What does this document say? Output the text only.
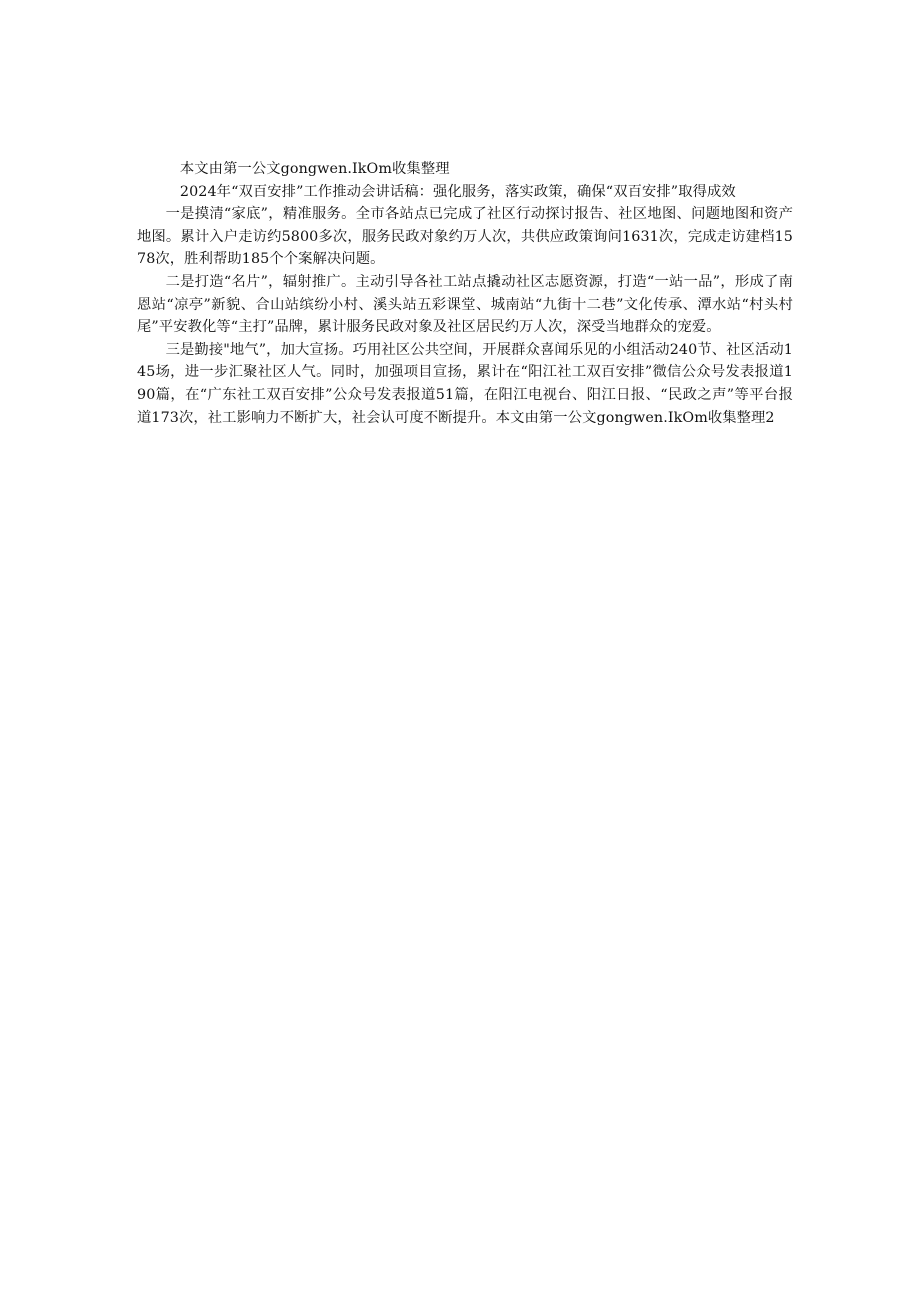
本文由第一公文gongwen.IkOm收集整理

2024年“双百安排”工作推动会讲话稿：强化服务，落实政策，确保“双百安排”取得成效

一是摸清“家底”，精准服务。全市各站点已完成了社区行动探讨报告、社区地图、问题地图和资产地图。累计入户走访约5800多次，服务民政对象约万人次，共供应政策询问1631次，完成走访建档1578次，胜利帮助185个个案解决问题。

二是打造“名片”，辐射推广。主动引导各社工站点撬动社区志愿资源，打造“一站一品”，形成了南恩站“凉亭”新貌、合山站缤纷小村、溪头站五彩课堂、城南站“九街十二巷”文化传承、潭水站“村头村尾”平安教化等“主打”品牌，累计服务民政对象及社区居民约万人次，深受当地群众的宠爱。

三是勤接"地气”，加大宣扬。巧用社区公共空间，开展群众喜闻乐见的小组活动240节、社区活动145场，进一步汇聚社区人气。同时，加强项目宣扬，累计在“阳江社工双百安排”微信公众号发表报道190篇，在“广东社工双百安排”公众号发表报道51篇，在阳江电视台、阳江日报、“民政之声”等平台报道173次，社工影响力不断扩大，社会认可度不断提升。本文由第一公文gongwen.IkOm收集整理2
